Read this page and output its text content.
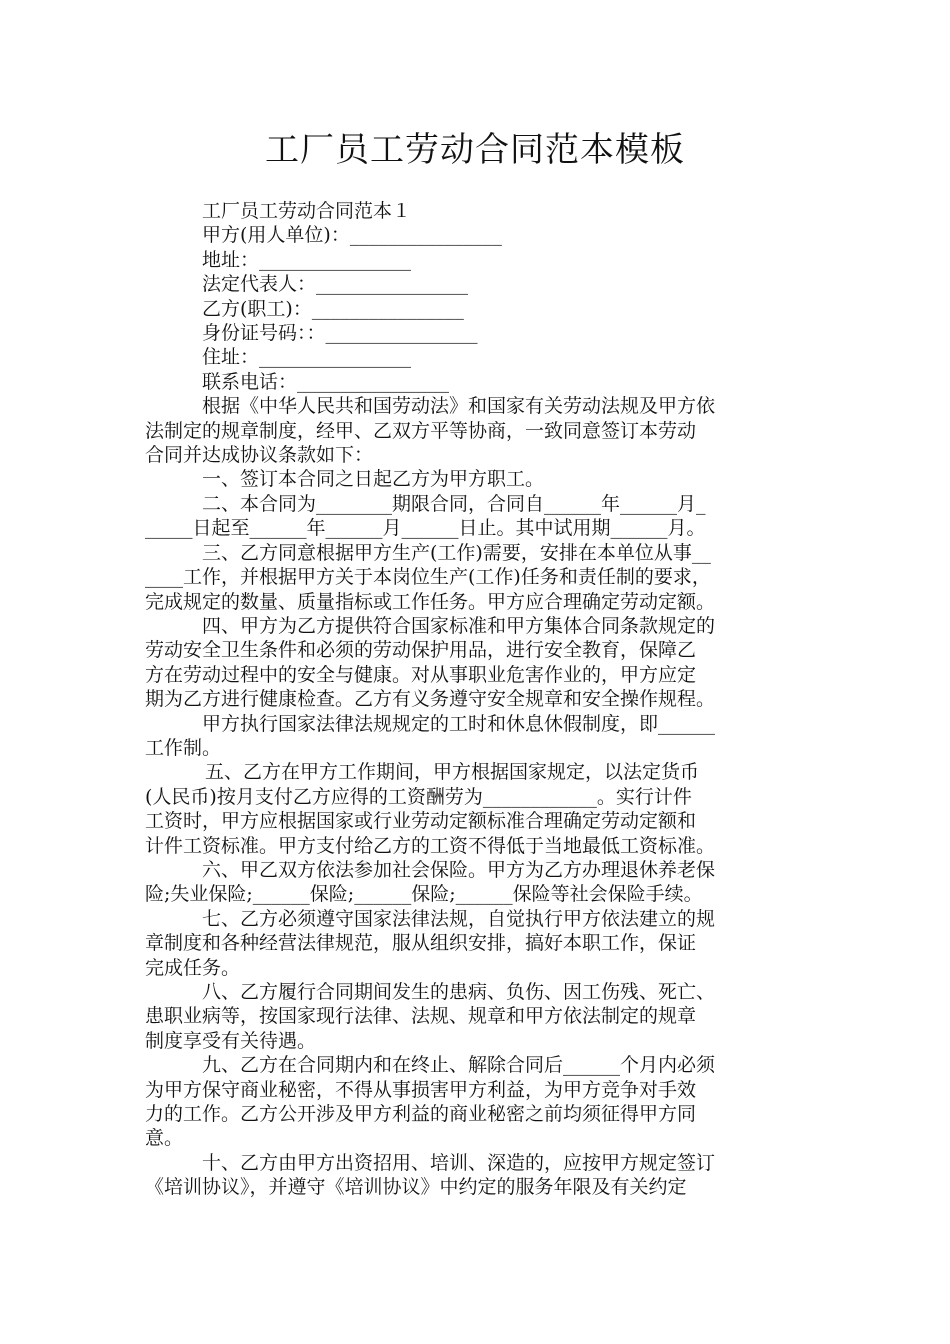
工厂员工劳动合同范本模板
工厂员工劳动合同范本１
甲方(用人单位)：________________
地址：________________
法定代表人：________________
乙方(职工)：________________
身份证号码：：________________
住址：________________
联系电话：________________
根据《中华人民共和国劳动法》和国家有关劳动法规及甲方依
法制定的规章制度，经甲、乙双方平等协商，一致同意签订本劳动
合同并达成协议条款如下：
一、签订本合同之日起乙方为甲方职工。
二、本合同为________期限合同，合同自______年______月_
_____日起至______年______月______日止。其中试用期______月。
三、乙方同意根据甲方生产(工作)需要，安排在本单位从事__
____工作，并根据甲方关于本岗位生产(工作)任务和责任制的要求，
完成规定的数量、质量指标或工作任务。甲方应合理确定劳动定额。
四、甲方为乙方提供符合国家标准和甲方集体合同条款规定的
劳动安全卫生条件和必须的劳动保护用品，进行安全教育，保障乙
方在劳动过程中的安全与健康。对从事职业危害作业的，甲方应定
期为乙方进行健康检查。乙方有义务遵守安全规章和安全操作规程。
甲方执行国家法律法规规定的工时和休息休假制度，即______
工作制。
五、乙方在甲方工作期间，甲方根据国家规定，以法定货币
(人民币)按月支付乙方应得的工资酬劳为____________。实行计件
工资时，甲方应根据国家或行业劳动定额标准合理确定劳动定额和
计件工资标准。甲方支付给乙方的工资不得低于当地最低工资标准。
六、甲乙双方依法参加社会保险。甲方为乙方办理退休养老保
险;失业保险;______保险;______保险;______保险等社会保险手续。
七、乙方必须遵守国家法律法规，自觉执行甲方依法建立的规
章制度和各种经营法律规范，服从组织安排，搞好本职工作，保证
完成任务。
八、乙方履行合同期间发生的患病、负伤、因工伤残、死亡、
患职业病等，按国家现行法律、法规、规章和甲方依法制定的规章
制度享受有关待遇。
九、乙方在合同期内和在终止、解除合同后______个月内必须
为甲方保守商业秘密，不得从事损害甲方利益，为甲方竞争对手效
力的工作。乙方公开涉及甲方利益的商业秘密之前均须征得甲方同
意。
十、乙方由甲方出资招用、培训、深造的，应按甲方规定签订
《培训协议》，并遵守《培训协议》中约定的服务年限及有关约定
